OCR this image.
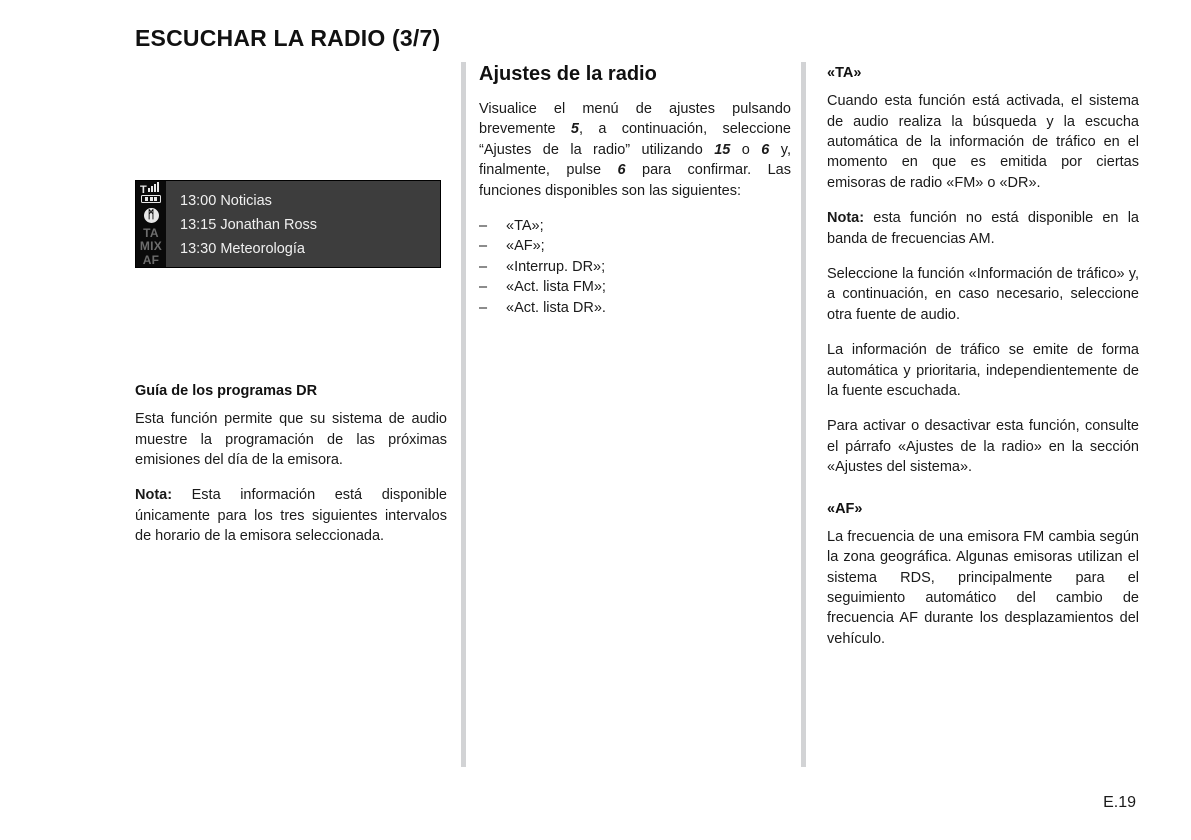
ESCUCHAR LA RADIO (3/7)
T
ᛗ
TA
MIX
AF
13:00 Noticias
13:15 Jonathan Ross
13:30 Meteorología
Guía de los programas DR

Esta función permite que su sistema de audio muestre la programación de las próximas emisiones del día de la emisora.

Nota: Esta información está disponible únicamente para los tres siguientes intervalos de horario de la emisora seleccionada.

Ajustes de la radio

Visualice el menú de ajustes pulsando brevemente 5, a continuación, seleccione “Ajustes de la radio” utilizando 15 o 6 y, finalmente, pulse 6 para confirmar. Las funciones disponibles son las siguientes:

– «TA»;
– «AF»;
– «Interrup. DR»;
– «Act. lista FM»;
– «Act. lista DR».
«TA»

Cuando esta función está activada, el sistema de audio realiza la búsqueda y la escucha automática de la información de tráfico en el momento en que es emitida por ciertas emisoras de radio «FM» o «DR».

Nota: esta función no está disponible en la banda de frecuencias AM.

Seleccione la función «Información de tráfico» y, a continuación, en caso necesario, seleccione otra fuente de audio.

La información de tráfico se emite de forma automática y prioritaria, independientemente de la fuente escuchada.

Para activar o desactivar esta función, consulte el párrafo «Ajustes de la radio» en la sección «Ajustes del sistema».

«AF»

La frecuencia de una emisora FM cambia según la zona geográfica. Algunas emisoras utilizan el sistema RDS, principalmente para el seguimiento automático del cambio de frecuencia AF durante los desplazamientos del vehículo.

E.19
